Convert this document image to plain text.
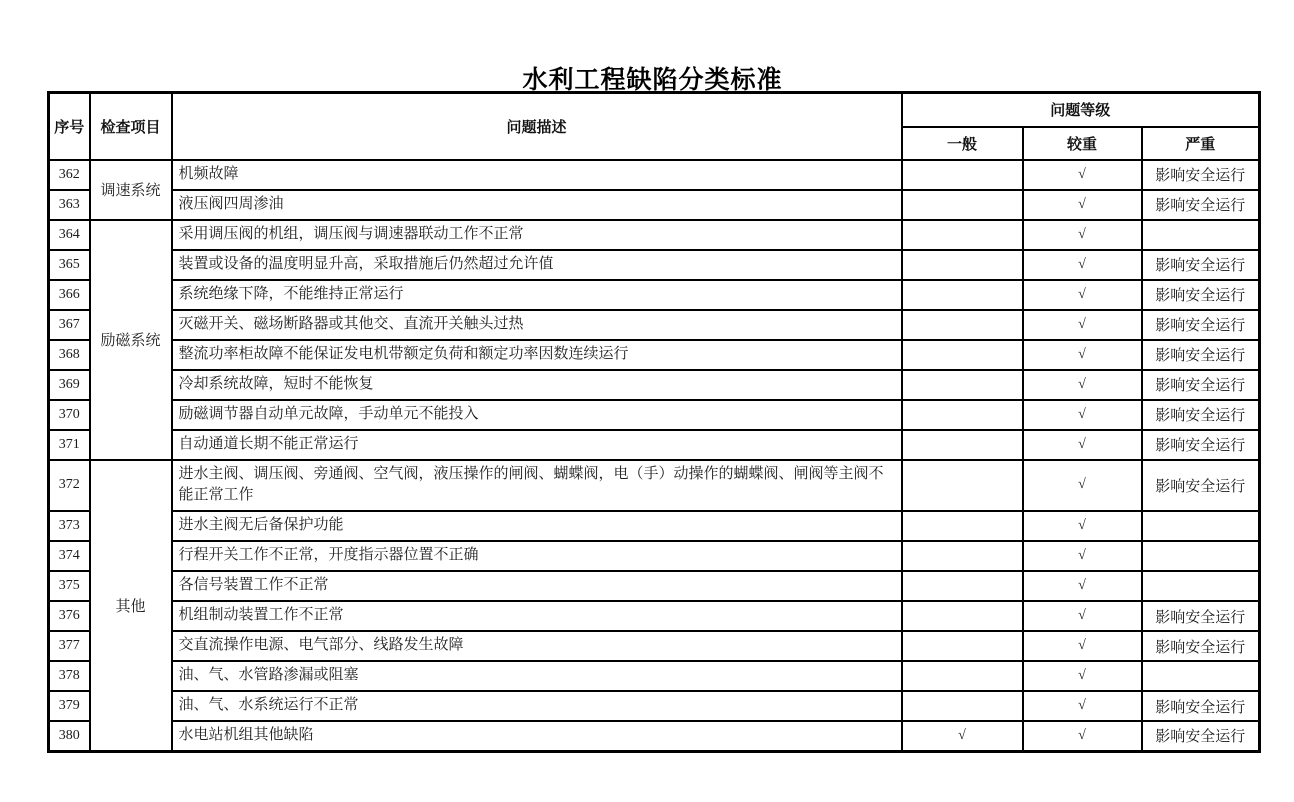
水利工程缺陷分类标准
序号	检查项目	问题描述	问题等级		
			一般	较重	严重
362	调速系统	机频故障		√	影响安全运行
363		液压阀四周渗油		√	影响安全运行
364	励磁系统	采用调压阀的机组，调压阀与调速器联动工作不正常		√	
365		装置或设备的温度明显升高，采取措施后仍然超过允许值		√	影响安全运行
366		系统绝缘下降，不能维持正常运行		√	影响安全运行
367		灭磁开关、磁场断路器或其他交、直流开关触头过热		√	影响安全运行
368		整流功率柜故障不能保证发电机带额定负荷和额定功率因数连续运行		√	影响安全运行
369		冷却系统故障，短时不能恢复		√	影响安全运行
370		励磁调节器自动单元故障，手动单元不能投入		√	影响安全运行
371		自动通道长期不能正常运行		√	影响安全运行
372	其他	进水主阀、调压阀、旁通阀、空气阀，液压操作的闸阀、蝴蝶阀，电（手）动操作的蝴蝶阀、闸阀等主阀不能正常工作		√	影响安全运行
373		进水主阀无后备保护功能		√	
374		行程开关工作不正常，开度指示器位置不正确		√	
375		各信号装置工作不正常		√	
376		机组制动装置工作不正常		√	影响安全运行
377		交直流操作电源、电气部分、线路发生故障		√	影响安全运行
378		油、气、水管路渗漏或阻塞		√	
379		油、气、水系统运行不正常		√	影响安全运行
380		水电站机组其他缺陷	√	√	影响安全运行
